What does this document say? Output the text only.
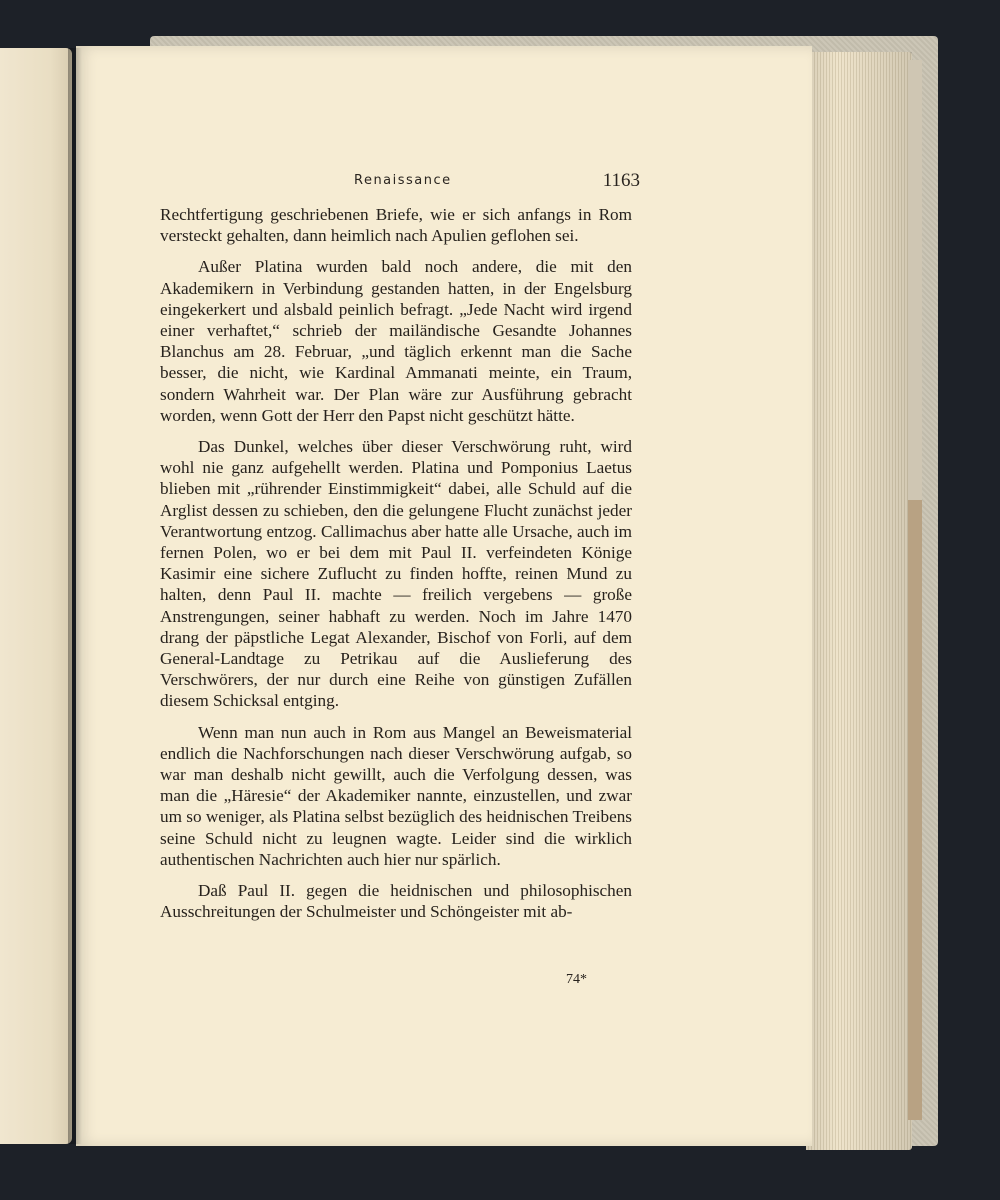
Renaissance	1163

Rechtfertigung geschriebenen Briefe, wie er sich anfangs in Rom versteckt gehalten, dann heimlich nach Apulien geflohen sei.

Außer Platina wurden bald noch andere, die mit den Akademikern in Verbindung gestanden hatten, in der Engelsburg eingekerkert und alsbald peinlich befragt. „Jede Nacht wird irgend einer verhaftet,“ schrieb der mailändische Gesandte Johannes Blanchus am 28. Februar, „und täglich erkennt man die Sache besser, die nicht, wie Kardinal Ammanati meinte, ein Traum, sondern Wahrheit war. Der Plan wäre zur Ausführung gebracht worden, wenn Gott der Herr den Papst nicht geschützt hätte.

Das Dunkel, welches über dieser Verschwörung ruht, wird wohl nie ganz aufgehellt werden. Platina und Pomponius Laetus blieben mit „rührender Einstimmigkeit“ dabei, alle Schuld auf die Arglist dessen zu schieben, den die gelungene Flucht zunächst jeder Verantwortung entzog. Callimachus aber hatte alle Ursache, auch im fernen Polen, wo er bei dem mit Paul II. verfeindeten Könige Kasimir eine sichere Zuflucht zu finden hoffte, reinen Mund zu halten, denn Paul II. machte — freilich vergebens — große Anstrengungen, seiner habhaft zu werden. Noch im Jahre 1470 drang der päpstliche Legat Alexander, Bischof von Forli, auf dem General-Landtage zu Petrikau auf die Auslieferung des Verschwörers, der nur durch eine Reihe von günstigen Zufällen diesem Schicksal entging.

Wenn man nun auch in Rom aus Mangel an Beweismaterial endlich die Nachforschungen nach dieser Verschwörung aufgab, so war man deshalb nicht gewillt, auch die Verfolgung dessen, was man die „Häresie“ der Akademiker nannte, einzustellen, und zwar um so weniger, als Platina selbst bezüglich des heidnischen Treibens seine Schuld nicht zu leugnen wagte. Leider sind die wirklich authentischen Nachrichten auch hier nur spärlich.

Daß Paul II. gegen die heidnischen und philosophischen Ausschreitungen der Schulmeister und Schöngeister mit ab-

74*
